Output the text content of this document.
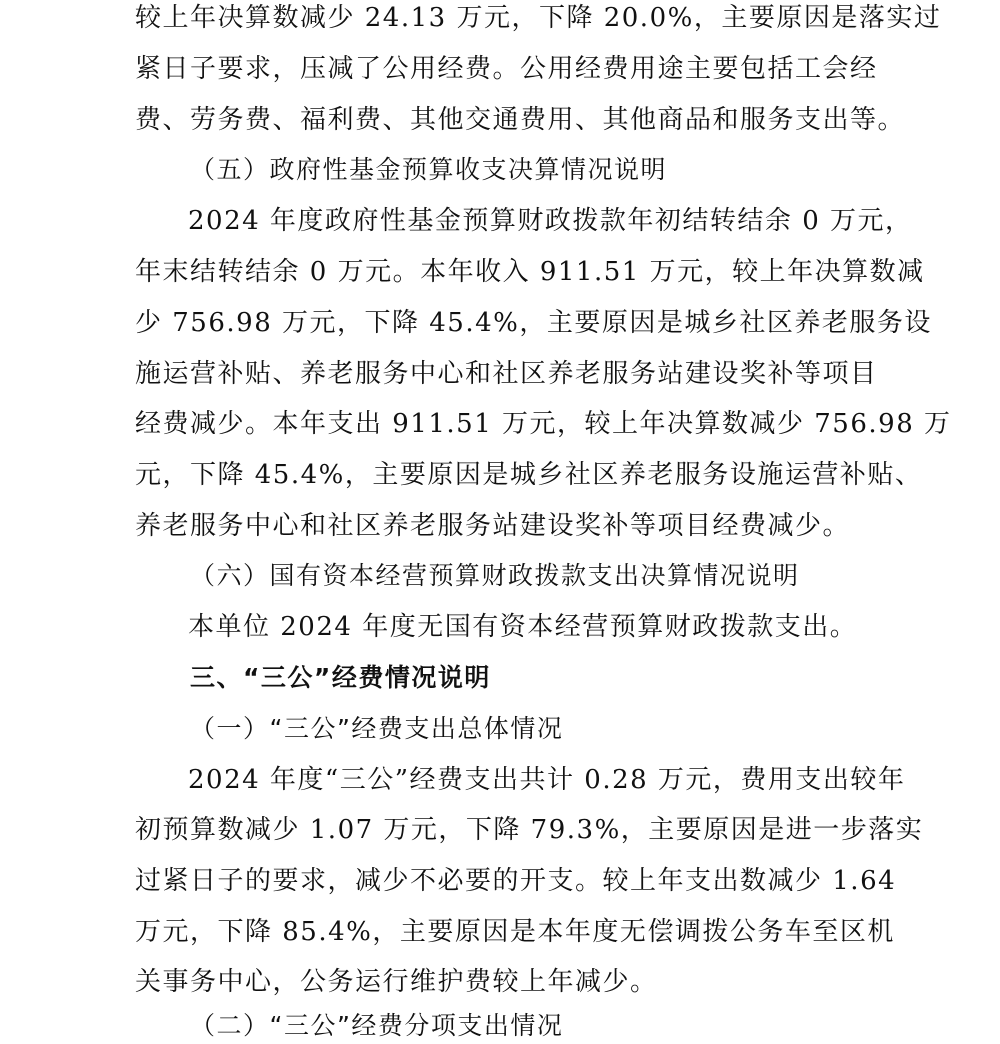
较上年决算数减少 24.13 万元，下降 20.0%，主要原因是落实过
紧日子要求，压减了公用经费。公用经费用途主要包括工会经
费、劳务费、福利费、其他交通费用、其他商品和服务支出等。
（五）政府性基金预算收支决算情况说明
2024 年度政府性基金预算财政拨款年初结转结余 0 万元，
年末结转结余 0 万元。本年收入 911.51 万元，较上年决算数减
少 756.98 万元，下降 45.4%，主要原因是城乡社区养老服务设
施运营补贴、养老服务中心和社区养老服务站建设奖补等项目
经费减少。本年支出 911.51 万元，较上年决算数减少 756.98 万
元，下降 45.4%，主要原因是城乡社区养老服务设施运营补贴、
养老服务中心和社区养老服务站建设奖补等项目经费减少。
（六）国有资本经营预算财政拨款支出决算情况说明
本单位 2024 年度无国有资本经营预算财政拨款支出。
三、“三公”经费情况说明
（一）“三公”经费支出总体情况
2024 年度“三公”经费支出共计 0.28 万元，费用支出较年
初预算数减少 1.07 万元，下降 79.3%，主要原因是进一步落实
过紧日子的要求，减少不必要的开支。较上年支出数减少 1.64
万元，下降 85.4%，主要原因是本年度无偿调拨公务车至区机
关事务中心，公务运行维护费较上年减少。
（二）“三公”经费分项支出情况
